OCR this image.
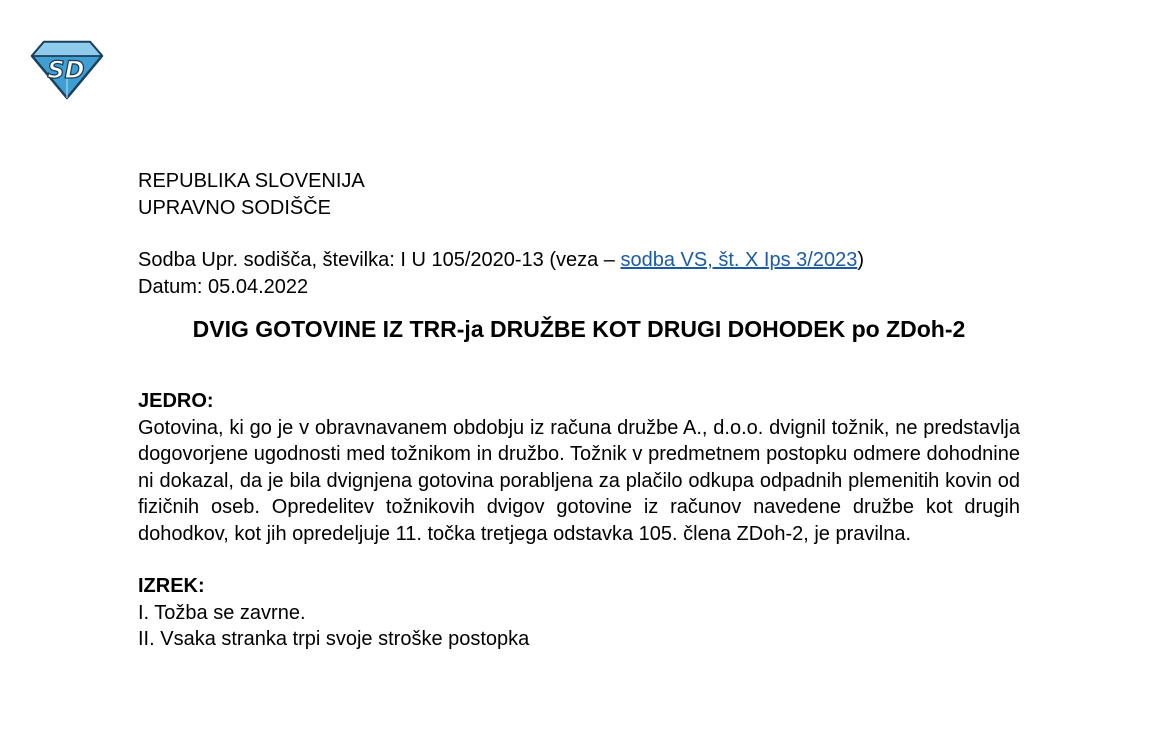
SD
REPUBLIKA SLOVENIJA
UPRAVNO SODIŠČE
Sodba Upr. sodišča, številka: I U 105/2020-13 (veza – sodba VS, št. X Ips 3/2023)
Datum: 05.04.2022
DVIG GOTOVINE IZ TRR-ja DRUŽBE KOT DRUGI DOHODEK po ZDoh-2
JEDRO:

Gotovina, ki go je v obravnavanem obdobju iz računa družbe A., d.o.o. dvignil tožnik, ne predstavlja dogovorjene ugodnosti med tožnikom in družbo. Tožnik v predmetnem postopku odmere dohodnine ni dokazal, da je bila dvignjena gotovina porabljena za plačilo odkupa odpadnih plemenitih kovin od fizičnih oseb. Opredelitev tožnikovih dvigov gotovine iz računov navedene družbe kot drugih dohodkov, kot jih opredeljuje 11. točka tretjega odstavka 105. člena ZDoh-2, je pravilna.

IZREK:
I. Tožba se zavrne.
II. Vsaka stranka trpi svoje stroške postopka
